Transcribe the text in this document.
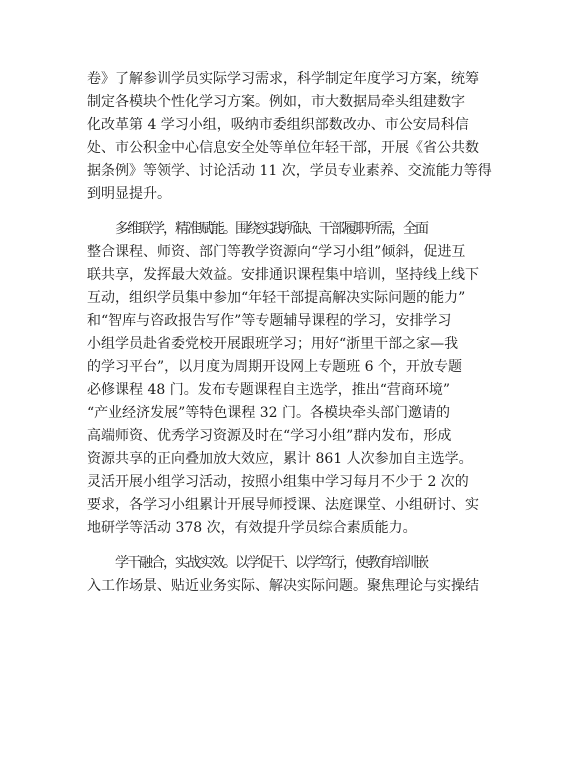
卷》了解参训学员实际学习需求，科学制定年度学习方案，统筹
制定各模块个性化学习方案。例如，市大数据局牵头组建数字
化改革第 4 学习小组，吸纳市委组织部数改办、市公安局科信
处、市公积金中心信息安全处等单位年轻干部，开展《省公共数
据条例》等领学、讨论活动 11 次，学员专业素养、交流能力等得
到明显提升。
多维联学，精准赋能。围绕实践所缺、干部履职所需，全面
整合课程、师资、部门等教学资源向“学习小组”倾斜，促进互
联共享，发挥最大效益。安排通识课程集中培训，坚持线上线下
互动，组织学员集中参加“年轻干部提高解决实际问题的能力”
和“智库与咨政报告写作”等专题辅导课程的学习，安排学习
小组学员赴省委党校开展跟班学习；用好“浙里干部之家—我
的学习平台”，以月度为周期开设网上专题班 6 个，开放专题
必修课程 48 门。发布专题课程自主选学，推出“营商环境”
“产业经济发展”等特色课程 32 门。各模块牵头部门邀请的
高端师资、优秀学习资源及时在“学习小组”群内发布，形成
资源共享的正向叠加放大效应，累计 861 人次参加自主选学。
灵活开展小组学习活动，按照小组集中学习每月不少于 2 次的
要求，各学习小组累计开展导师授课、法庭课堂、小组研讨、实
地研学等活动 378 次，有效提升学员综合素质能力。
学干融合，实战实效。以学促干、以学笃行，使教育培训嵌
入工作场景、贴近业务实际、解决实际问题。聚焦理论与实操结
